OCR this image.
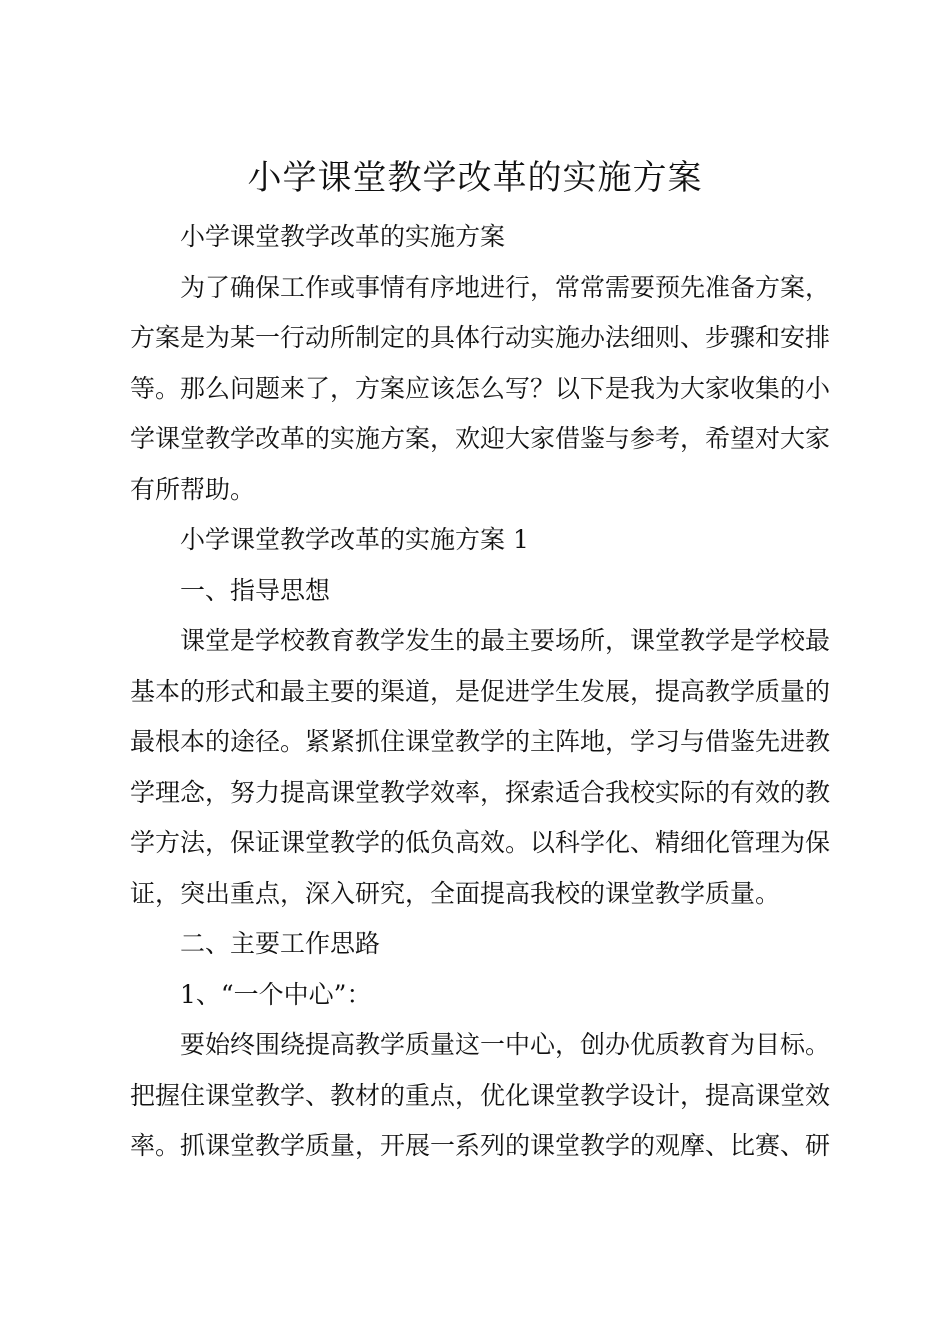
小学课堂教学改革的实施方案

小学课堂教学改革的实施方案

为了确保工作或事情有序地进行，常常需要预先准备方案，方案是为某一行动所制定的具体行动实施办法细则、步骤和安排等。那么问题来了，方案应该怎么写？以下是我为大家收集的小学课堂教学改革的实施方案，欢迎大家借鉴与参考，希望对大家有所帮助。

小学课堂教学改革的实施方案 1

一、指导思想

课堂是学校教育教学发生的最主要场所，课堂教学是学校最基本的形式和最主要的渠道，是促进学生发展，提高教学质量的最根本的途径。紧紧抓住课堂教学的主阵地，学习与借鉴先进教学理念，努力提高课堂教学效率，探索适合我校实际的有效的教学方法，保证课堂教学的低负高效。以科学化、精细化管理为保证，突出重点，深入研究，全面提高我校的课堂教学质量。

二、主要工作思路

1、“一个中心”：

要始终围绕提高教学质量这一中心，创办优质教育为目标。把握住课堂教学、教材的重点，优化课堂教学设计，提高课堂效率。抓课堂教学质量，开展一系列的课堂教学的观摩、比赛、研
